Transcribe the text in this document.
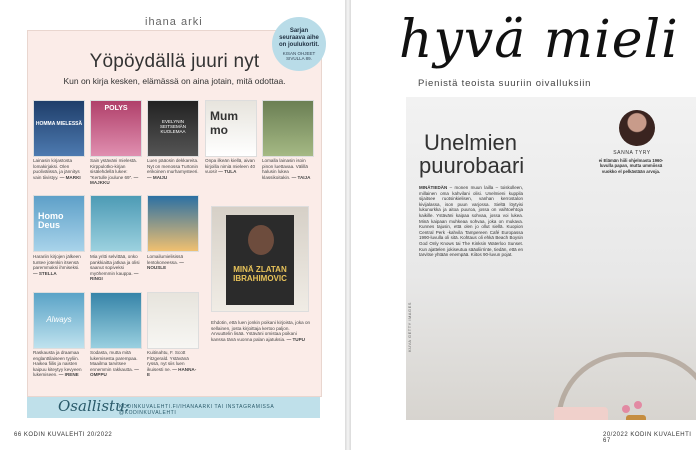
ihana arki
Yöpöydällä juuri nyt
Kun on kirja kesken, elämässä on aina jotain, mitä odottaa.
Sarjan seuraava aihe on joulukortit.
KISAN OHJEET SIVULLA 89.
HOMMA MIELESSÄ
POLYS
EVELYNIN SEITSEMÄN KUOLEMAA
Mum mo
Lainasin kirjastosta lomakirjaksi. Olen puolivälissä, ja jännitys vain tiivistyy. — MARKI
Sain ystäväni mielestä. Kirppulotko-kirjan sisälehdellä lukee: ”Kertulle joulune 69”. — MAJKKU
Luen pääosin dekkareita. Nyt on menossa Turtonin erikoinen murhamysteeri. — MAIJU
Onpa ilkeän kiellä, aivan kirjoilla nimiä mieleen 40 vuosi! — TULA
Lomalla lainasin isoin pinon luettavaa. Välillä halusin lukea klassikoitakin. — TAIJA
Homo Deus
Harariin kirjojen jälkeen tuntee jotenkin itsensä paremmaksi ihmiseksi. — STELLA
Mia yritti selvittää, onko pankkiaitta jatkaa ja olisi saanut sopiveksi myöhemmin kauppa. — RINGI
Lomailumielisissä lentokoneessa. — NOUSLE	MINÄ ZLATAN IBRAHIMOVIC
Ehdotin, että luen jonkin poikani kirjoista, joka on sellainen, josta kirjoittaja kertoo paljon. Arvuuttelin lisää. Ystäväni omistaa poikani kanssa tänä vuonna palan ajatuksia. — TUPU
Always
Raskausta ja draamaa englanttilaiseen tyyliin. Haikea fiilis ja naisten kaipuu kiteytyy kevyeen lukemiseen. — IRENE
Sodasta, mutta mitä lukemisesta parempaa. Maailma tarvitsee ennemmin rakkautta. — OMPPU
Kuitinahtu, F. Scott Fitzgerald. Ystävänä ryssä, nyt siis luen ikuisesti ne. — HANNA-E
Osallistu:
KODINKUVALEHTI.FI/IHANAARKI TAI INSTAGRAMISSA @KODINKUVALEHTI
66 KODIN KUVALEHTI 20/2022
hyvä mieli
Pienistä teoista suuriin oivalluksiin
Unelmien
puurobaari
MINÄTIEDÄN – monen muun lailla – toiskolleen, millainen oma kahvilani olisi. Unelmieni kuppila sijaitsee ruotsinkielisen, vanhan kerrostalon kivijalassa, ison puun varjossa. Sieltä löytyisi lukunurkka ja aitoa puuroa, jossa on vaihtoehtoja kaikille. Ystäväni kaipaa sohvaa, jossa voi lukea. Minä kaipaan muhkeaa sohvaa, joka on mukava. Kunnes tajusin, että olen jo ollut siellä. Kuopion Central Perk -kahvila Tampereen Café Europassa 1990-luvulla oli sitä. Kohtaus oli ehkä Beach Boysin God Only Knows tai The Kinksin Waterloo Sunset. Kun ajattelen jokiseutua sääoliirrinte, tiedän, että en tarvitse yhtään enempää. Kiitos 90-luvun pojat.
KUVA GETTY IMAGES
SANNA TYRY
ei Elämän hiili ohjelmasta 1960-luvulla papan, mutta ummiissä vuokko el pelkästään arvoja.
20/2022 KODIN KUVALEHTI 67
